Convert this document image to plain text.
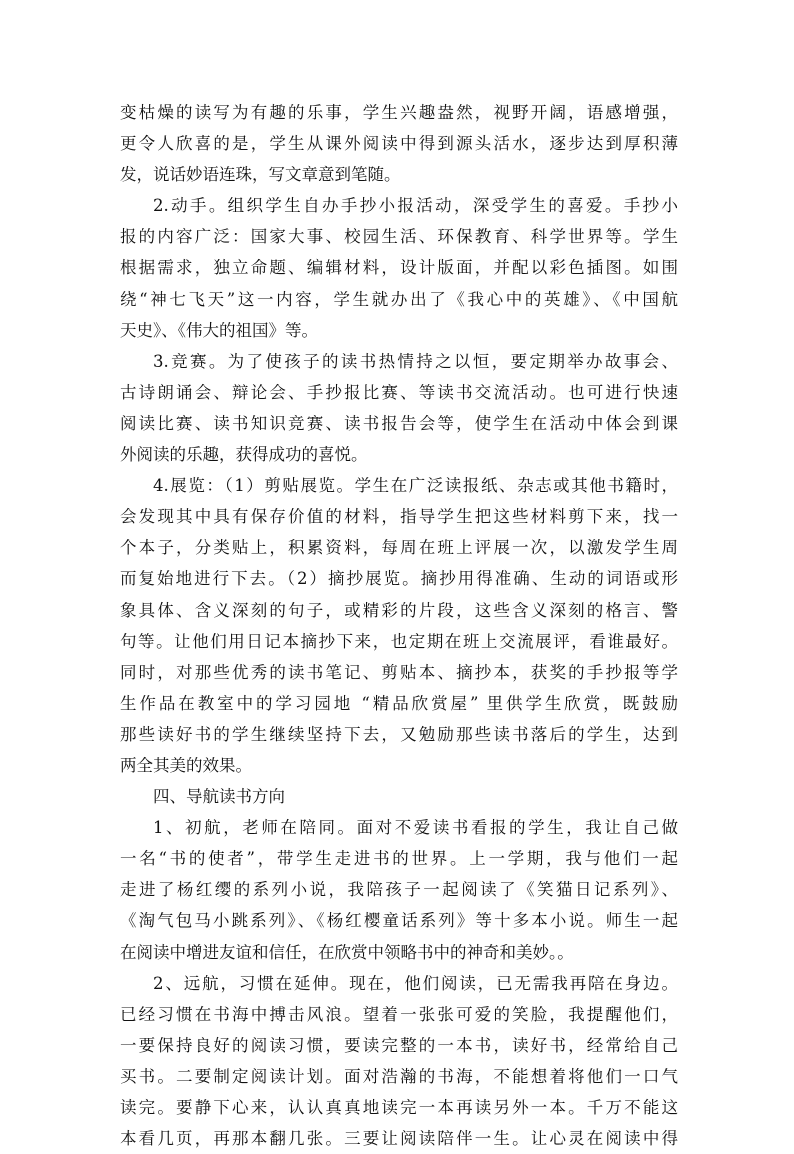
变枯燥的读写为有趣的乐事，学生兴趣盎然，视野开阔，语感增强，
更令人欣喜的是，学生从课外阅读中得到源头活水，逐步达到厚积薄
发，说话妙语连珠，写文章意到笔随。
2.动手。组织学生自办手抄小报活动，深受学生的喜爱。手抄小
报的内容广泛：国家大事、校园生活、环保教育、科学世界等。学生
根据需求，独立命题、编辑材料，设计版面，并配以彩色插图。如围
绕“神七飞天”这一内容，学生就办出了《我心中的英雄》、《中国航
天史》、《伟大的祖国》等。
3.竞赛。为了使孩子的读书热情持之以恒，要定期举办故事会、
古诗朗诵会、辩论会、手抄报比赛、等读书交流活动。也可进行快速
阅读比赛、读书知识竞赛、读书报告会等，使学生在活动中体会到课
外阅读的乐趣，获得成功的喜悦。
4.展览：（1）剪贴展览。学生在广泛读报纸、杂志或其他书籍时，
会发现其中具有保存价值的材料，指导学生把这些材料剪下来，找一
个本子，分类贴上，积累资料，每周在班上评展一次，以激发学生周
而复始地进行下去。（2）摘抄展览。摘抄用得准确、生动的词语或形
象具体、含义深刻的句子，或精彩的片段，这些含义深刻的格言、警
句等。让他们用日记本摘抄下来，也定期在班上交流展评，看谁最好。
同时，对那些优秀的读书笔记、剪贴本、摘抄本，获奖的手抄报等学
生作品在教室中的学习园地 “精品欣赏屋” 里供学生欣赏，既鼓励
那些读好书的学生继续坚持下去，又勉励那些读书落后的学生，达到
两全其美的效果。
四、导航读书方向
1、初航，老师在陪同。面对不爱读书看报的学生，我让自己做
一名“书的使者”，带学生走进书的世界。上一学期，我与他们一起
走进了杨红缨的系列小说，我陪孩子一起阅读了《笑猫日记系列》、
《淘气包马小跳系列》、《杨红樱童话系列》等十多本小说。师生一起
在阅读中增进友谊和信任，在欣赏中领略书中的神奇和美妙。。
2、远航，习惯在延伸。现在，他们阅读，已无需我再陪在身边。
已经习惯在书海中搏击风浪。望着一张张可爱的笑脸，我提醒他们，
一要保持良好的阅读习惯，要读完整的一本书，读好书，经常给自己
买书。二要制定阅读计划。面对浩瀚的书海，不能想着将他们一口气
读完。要静下心来，认认真真地读完一本再读另外一本。千万不能这
本看几页，再那本翻几张。三要让阅读陪伴一生。让心灵在阅读中得
